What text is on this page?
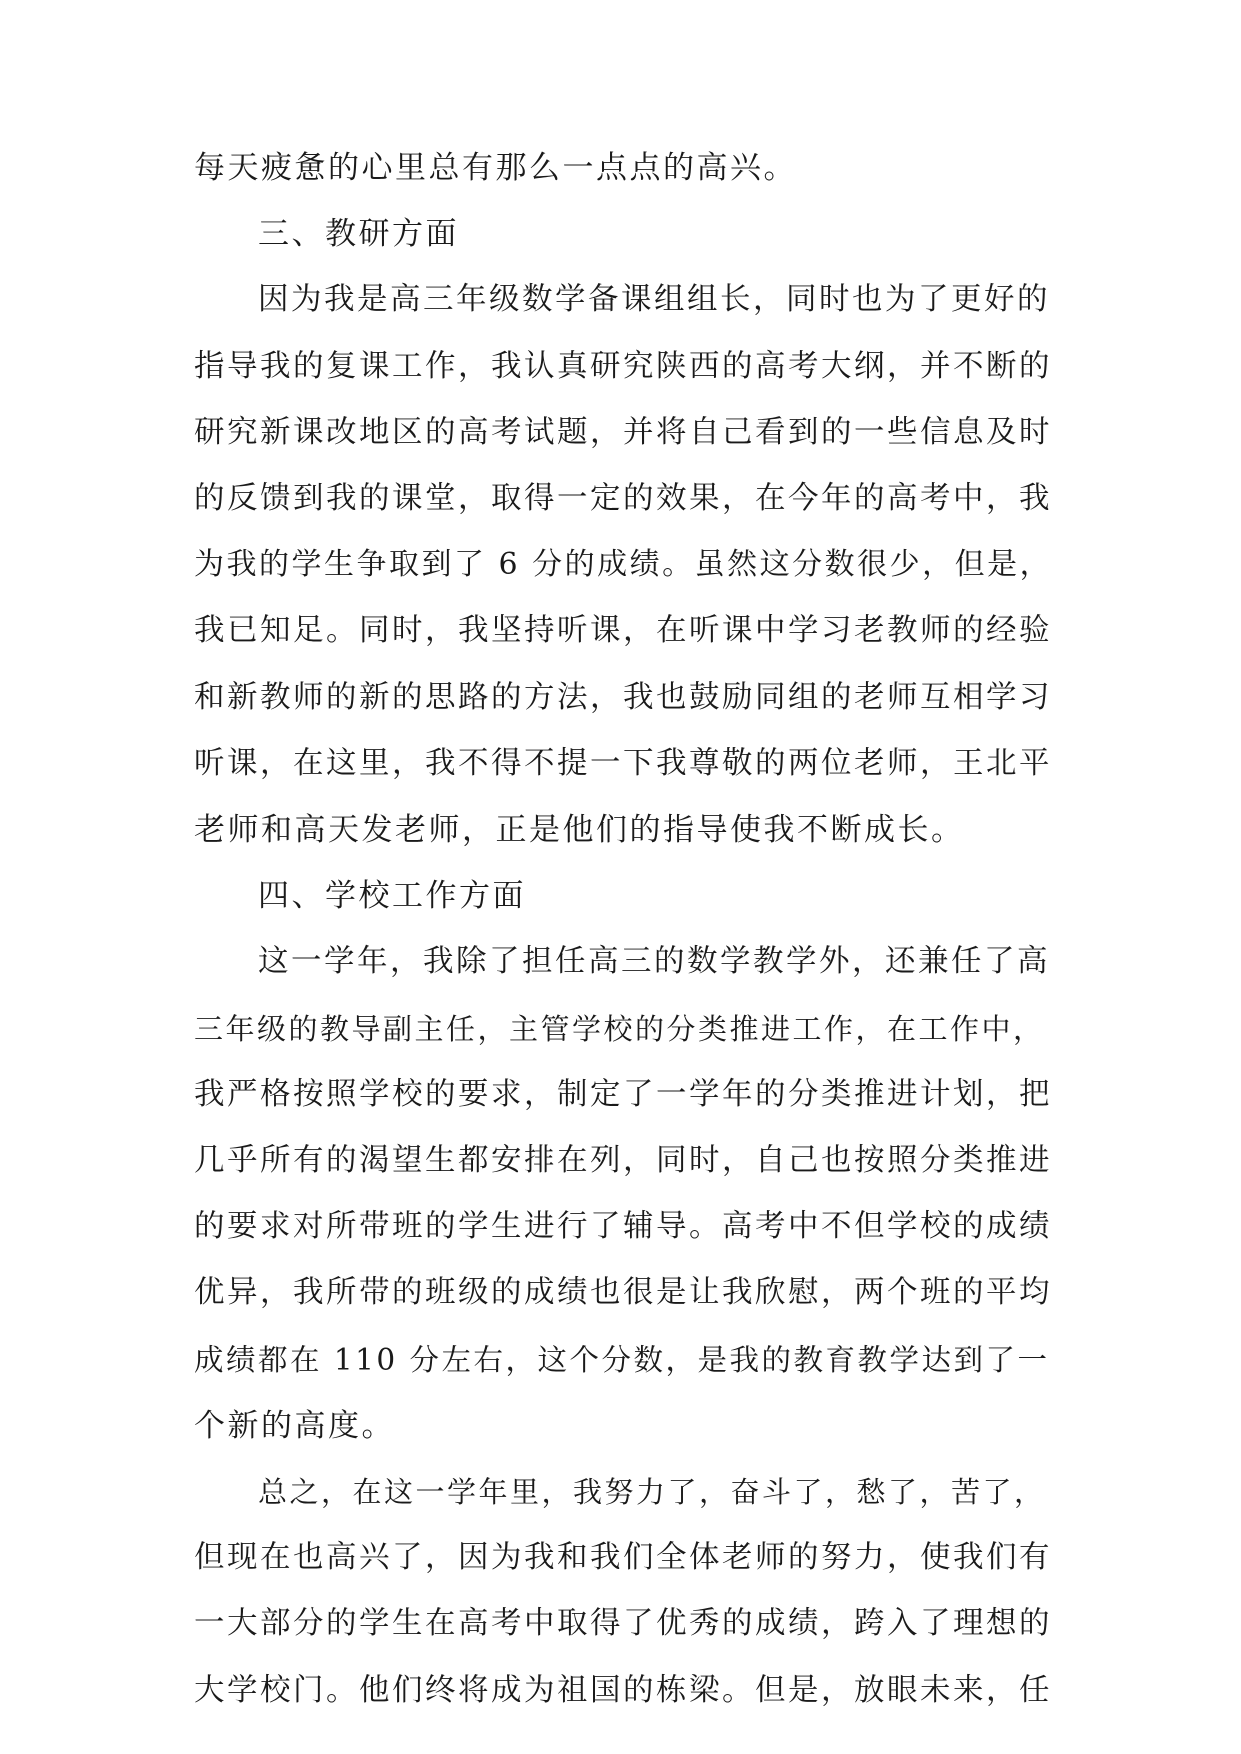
每天疲惫的心里总有那么一点点的高兴。
三、教研方面
因为我是高三年级数学备课组组长，同时也为了更好的
指导我的复课工作，我认真研究陕西的高考大纲，并不断的
研究新课改地区的高考试题，并将自己看到的一些信息及时
的反馈到我的课堂，取得一定的效果，在今年的高考中，我
为我的学生争取到了 6 分的成绩。虽然这分数很少，但是，
我已知足。同时，我坚持听课，在听课中学习老教师的经验
和新教师的新的思路的方法，我也鼓励同组的老师互相学习
听课，在这里，我不得不提一下我尊敬的两位老师，王北平
老师和高天发老师，正是他们的指导使我不断成长。
四、学校工作方面
这一学年，我除了担任高三的数学教学外，还兼任了高
三年级的教导副主任，主管学校的分类推进工作，在工作中，
我严格按照学校的要求，制定了一学年的分类推进计划，把
几乎所有的渴望生都安排在列，同时，自己也按照分类推进
的要求对所带班的学生进行了辅导。高考中不但学校的成绩
优异，我所带的班级的成绩也很是让我欣慰，两个班的平均
成绩都在 110 分左右，这个分数，是我的教育教学达到了一
个新的高度。
总之，在这一学年里，我努力了，奋斗了，愁了，苦了，
但现在也高兴了，因为我和我们全体老师的努力，使我们有
一大部分的学生在高考中取得了优秀的成绩，跨入了理想的
大学校门。他们终将成为祖国的栋梁。但是，放眼未来，任
